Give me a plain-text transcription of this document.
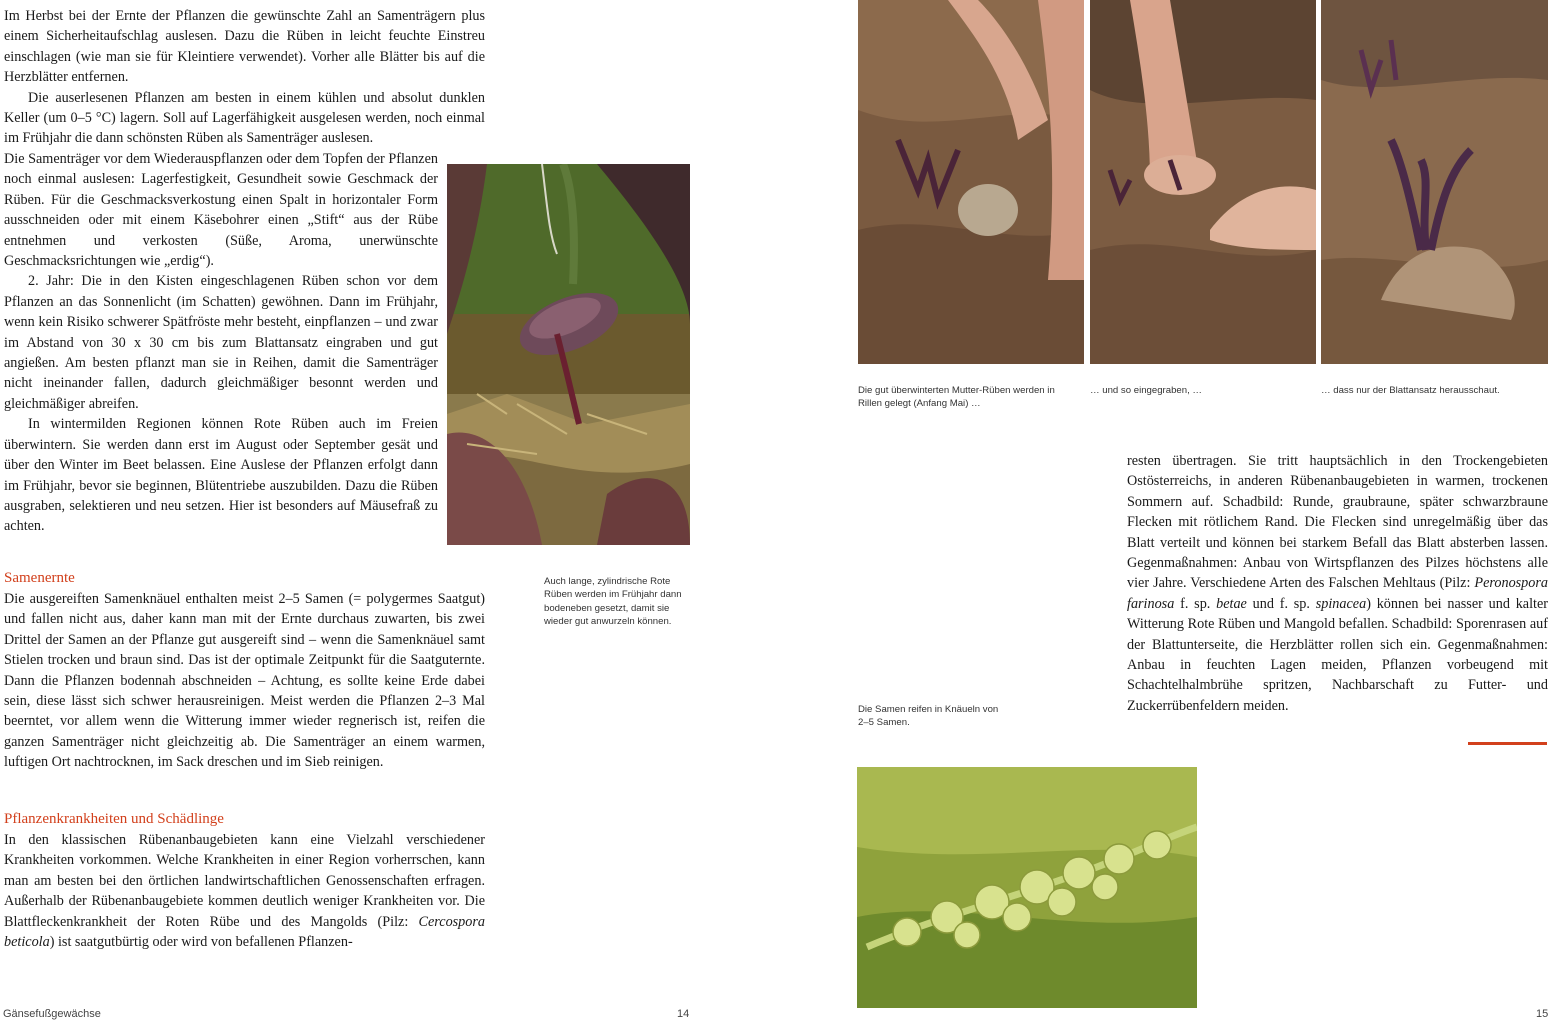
Im Herbst bei der Ernte der Pflanzen die gewünschte Zahl an Samenträgern plus einem Sicherheitaufschlag auslesen. Dazu die Rüben in leicht feuchte Einstreu einschlagen (wie man sie für Kleintiere verwendet). Vorher alle Blätter bis auf die Herzblätter entfernen.

Die auserlesenen Pflanzen am besten in einem kühlen und absolut dunklen Keller (um 0–5 °C) lagern. Soll auf Lagerfähigkeit ausgelesen werden, noch einmal im Frühjahr die dann schönsten Rüben als Samenträger auslesen.

Die Samenträger vor dem Wiederauspflanzen oder dem Topfen der Pflanzen noch einmal auslesen: Lagerfestigkeit, Gesundheit sowie Geschmack der Rüben. Für die Geschmacksverkostung einen Spalt in horizontaler Form ausschneiden oder mit einem Käsebohrer einen „Stift“ aus der Rübe entnehmen und verkosten (Süße, Aroma, unerwünschte Geschmacksrichtungen wie „erdig“).

2. Jahr: Die in den Kisten eingeschlagenen Rüben schon vor dem Pflanzen an das Sonnenlicht (im Schatten) gewöhnen. Dann im Frühjahr, wenn kein Risiko schwerer Spätfröste mehr besteht, einpflanzen – und zwar im Abstand von 30 x 30 cm bis zum Blattansatz eingraben und gut angießen. Am besten pflanzt man sie in Reihen, damit die Samenträger nicht ineinander fallen, dadurch gleichmäßiger besonnt werden und gleichmäßiger abreifen.

In wintermilden Regionen können Rote Rüben auch im Freien überwintern. Sie werden dann erst im August oder September gesät und über den Winter im Beet belassen. Eine Auslese der Pflanzen erfolgt dann im Frühjahr, bevor sie beginnen, Blütentriebe auszubilden. Dazu die Rüben ausgraben, selektieren und neu setzen. Hier ist besonders auf Mäusefraß zu achten.

Auch lange, zylindrische Rote Rüben werden im Frühjahr dann bodeneben gesetzt, damit sie wieder gut anwurzeln können.
Samenernte

Die ausgereiften Samenknäuel enthalten meist 2–5 Samen (= polygermes Saatgut) und fallen nicht aus, daher kann man mit der Ernte durchaus zuwarten, bis zwei Drittel der Samen an der Pflanze gut ausgereift sind – wenn die Samenknäuel samt Stielen trocken und braun sind. Das ist der optimale Zeitpunkt für die Saatguternte. Dann die Pflanzen bodennah abschneiden – Achtung, es sollte keine Erde dabei sein, diese lässt sich schwer herausreinigen. Meist werden die Pflanzen 2–3 Mal beerntet, vor allem wenn die Witterung immer wieder regnerisch ist, reifen die ganzen Samenträger nicht gleichzeitig ab. Die Samenträger an einem warmen, luftigen Ort nachtrocknen, im Sack dreschen und im Sieb reinigen.

Pflanzenkrankheiten und Schädlinge

In den klassischen Rübenanbaugebieten kann eine Vielzahl verschiedener Krankheiten vorkommen. Welche Krankheiten in einer Region vorherrschen, kann man am besten bei den örtlichen landwirtschaftlichen Genossenschaften erfragen. Außerhalb der Rübenanbaugebiete kommen deutlich weniger Krankheiten vor. Die Blattfleckenkrankheit der Roten Rübe und des Mangolds (Pilz: Cercospora beticola) ist saatgutbürtig oder wird von befallenen Pflanzen-

Gänsefußgewächse	14
Die gut überwinterten Mutter-Rüben werden in Rillen gelegt (Anfang Mai) …
… und so eingegraben, …	… dass nur der Blattansatz herausschaut.

resten übertragen. Sie tritt hauptsächlich in den Trockengebieten Ostösterreichs, in anderen Rübenanbaugebieten in warmen, trockenen Sommern auf. Schadbild: Runde, graubraune, später schwarzbraune Flecken mit rötlichem Rand. Die Flecken sind unregelmäßig über das Blatt verteilt und können bei starkem Befall das Blatt absterben lassen. Gegenmaßnahmen: Anbau von Wirtspflanzen des Pilzes höchstens alle vier Jahre. Verschiedene Arten des Falschen Mehltaus (Pilz: Peronospora farinosa f. sp. betae und f. sp. spinacea) können bei nasser und kalter Witterung Rote Rüben und Mangold befallen. Schadbild: Sporenrasen auf der Blattunterseite, die Herzblätter rollen sich ein. Gegenmaßnahmen: Anbau in feuchten Lagen meiden, Pflanzen vorbeugend mit Schachtelhalmbrühe spritzen, Nachbarschaft zu Futter- und Zuckerrübenfeldern meiden.

Die Samen reifen in Knäueln von 2–5 Samen.
15
